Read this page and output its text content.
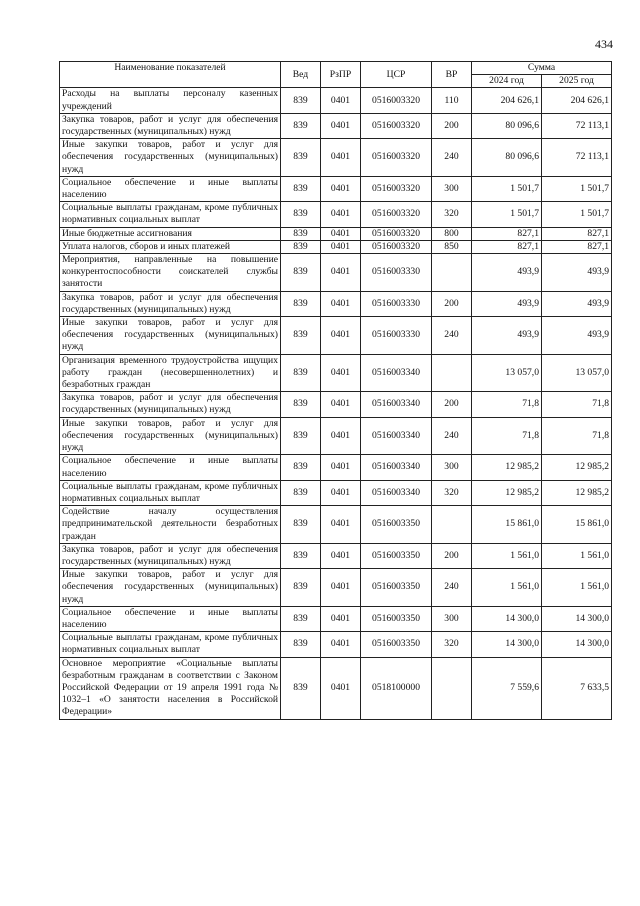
434
Наименование показателей	Вед	РзПР	ЦСР	ВР	Сумма	
					2024 год	2025 год
Расходы на выплаты персоналу казенных учреждений	839	0401	0516003320	110	204 626,1	204 626,1
Закупка товаров, работ и услуг для обеспечения государственных (муниципальных) нужд	839	0401	0516003320	200	80 096,6	72 113,1
Иные закупки товаров, работ и услуг для обеспечения государственных (муниципальных) нужд	839	0401	0516003320	240	80 096,6	72 113,1
Социальное обеспечение и иные выплаты населению	839	0401	0516003320	300	1 501,7	1 501,7
Социальные выплаты гражданам, кроме публичных нормативных социальных выплат	839	0401	0516003320	320	1 501,7	1 501,7
Иные бюджетные ассигнования	839	0401	0516003320	800	827,1	827,1
Уплата налогов, сборов и иных платежей	839	0401	0516003320	850	827,1	827,1
Мероприятия, направленные на повышение конкурентоспособности соискателей службы занятости	839	0401	0516003330		493,9	493,9
Закупка товаров, работ и услуг для обеспечения государственных (муниципальных) нужд	839	0401	0516003330	200	493,9	493,9
Иные закупки товаров, работ и услуг для обеспечения государственных (муниципальных) нужд	839	0401	0516003330	240	493,9	493,9
Организация временного трудоустройства ищущих работу граждан (несовершеннолетних) и безработных граждан	839	0401	0516003340		13 057,0	13 057,0
Закупка товаров, работ и услуг для обеспечения государственных (муниципальных) нужд	839	0401	0516003340	200	71,8	71,8
Иные закупки товаров, работ и услуг для обеспечения государственных (муниципальных) нужд	839	0401	0516003340	240	71,8	71,8
Социальное обеспечение и иные выплаты населению	839	0401	0516003340	300	12 985,2	12 985,2
Социальные выплаты гражданам, кроме публичных нормативных социальных выплат	839	0401	0516003340	320	12 985,2	12 985,2
Содействие началу осуществления предпринимательской деятельности безработных граждан	839	0401	0516003350		15 861,0	15 861,0
Закупка товаров, работ и услуг для обеспечения государственных (муниципальных) нужд	839	0401	0516003350	200	1 561,0	1 561,0
Иные закупки товаров, работ и услуг для обеспечения государственных (муниципальных) нужд	839	0401	0516003350	240	1 561,0	1 561,0
Социальное обеспечение и иные выплаты населению	839	0401	0516003350	300	14 300,0	14 300,0
Социальные выплаты гражданам, кроме публичных нормативных социальных выплат	839	0401	0516003350	320	14 300,0	14 300,0
Основное мероприятие «Социальные выплаты безработным гражданам в соответствии с Законом Российской Федерации от 19 апреля 1991 года № 1032–1 «О занятости населения в Российской Федерации»	839	0401	0518100000		7 559,6	7 633,5
